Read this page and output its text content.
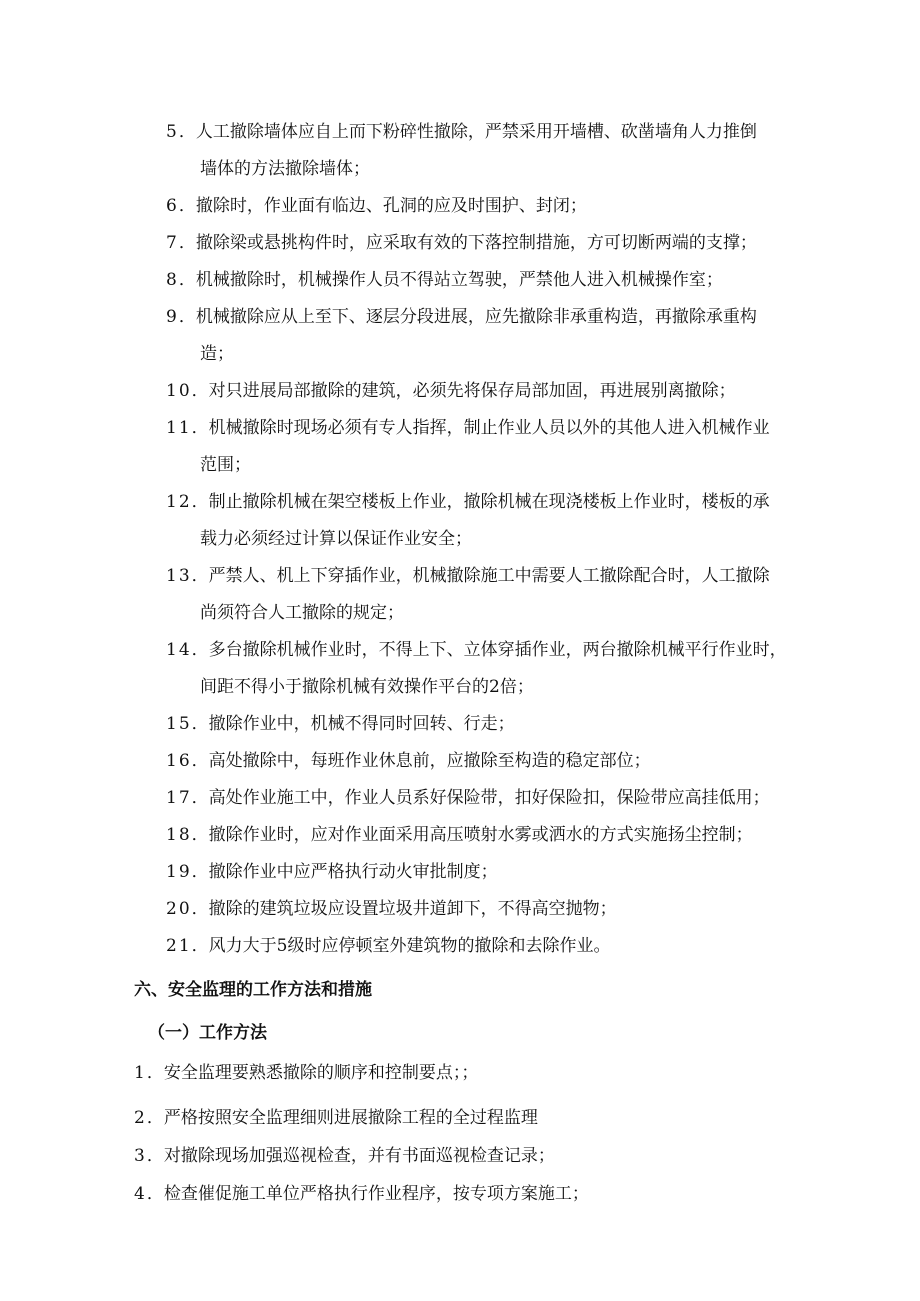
5．人工撤除墙体应自上而下粉碎性撤除，严禁采用开墙槽、砍凿墙角人力推倒
墙体的方法撤除墙体；
6．撤除时，作业面有临边、孔洞的应及时围护、封闭；
7．撤除梁或悬挑构件时，应采取有效的下落控制措施，方可切断两端的支撑；
8．机械撤除时，机械操作人员不得站立驾驶，严禁他人进入机械操作室；
9．机械撤除应从上至下、逐层分段进展，应先撤除非承重构造，再撤除承重构
造；
10．对只进展局部撤除的建筑，必须先将保存局部加固，再进展别离撤除；
11．机械撤除时现场必须有专人指挥，制止作业人员以外的其他人进入机械作业
范围；
12．制止撤除机械在架空楼板上作业，撤除机械在现浇楼板上作业时，楼板的承
载力必须经过计算以保证作业安全；
13．严禁人、机上下穿插作业，机械撤除施工中需要人工撤除配合时，人工撤除
尚须符合人工撤除的规定；
14．多台撤除机械作业时，不得上下、立体穿插作业，两台撤除机械平行作业时，
间距不得小于撤除机械有效操作平台的2倍；
15．撤除作业中，机械不得同时回转、行走；
16．高处撤除中，每班作业休息前，应撤除至构造的稳定部位；
17．高处作业施工中，作业人员系好保险带，扣好保险扣，保险带应高挂低用；
18．撤除作业时，应对作业面采用高压喷射水雾或洒水的方式实施扬尘控制；
19．撤除作业中应严格执行动火审批制度；
20．撤除的建筑垃圾应设置垃圾井道卸下，不得高空抛物；
21．风力大于5级时应停顿室外建筑物的撤除和去除作业。
六、安全监理的工作方法和措施
（一）工作方法
1．安全监理要熟悉撤除的顺序和控制要点；；
2．严格按照安全监理细则进展撤除工程的全过程监理
3．对撤除现场加强巡视检查，并有书面巡视检查记录；
4．检查催促施工单位严格执行作业程序，按专项方案施工；
